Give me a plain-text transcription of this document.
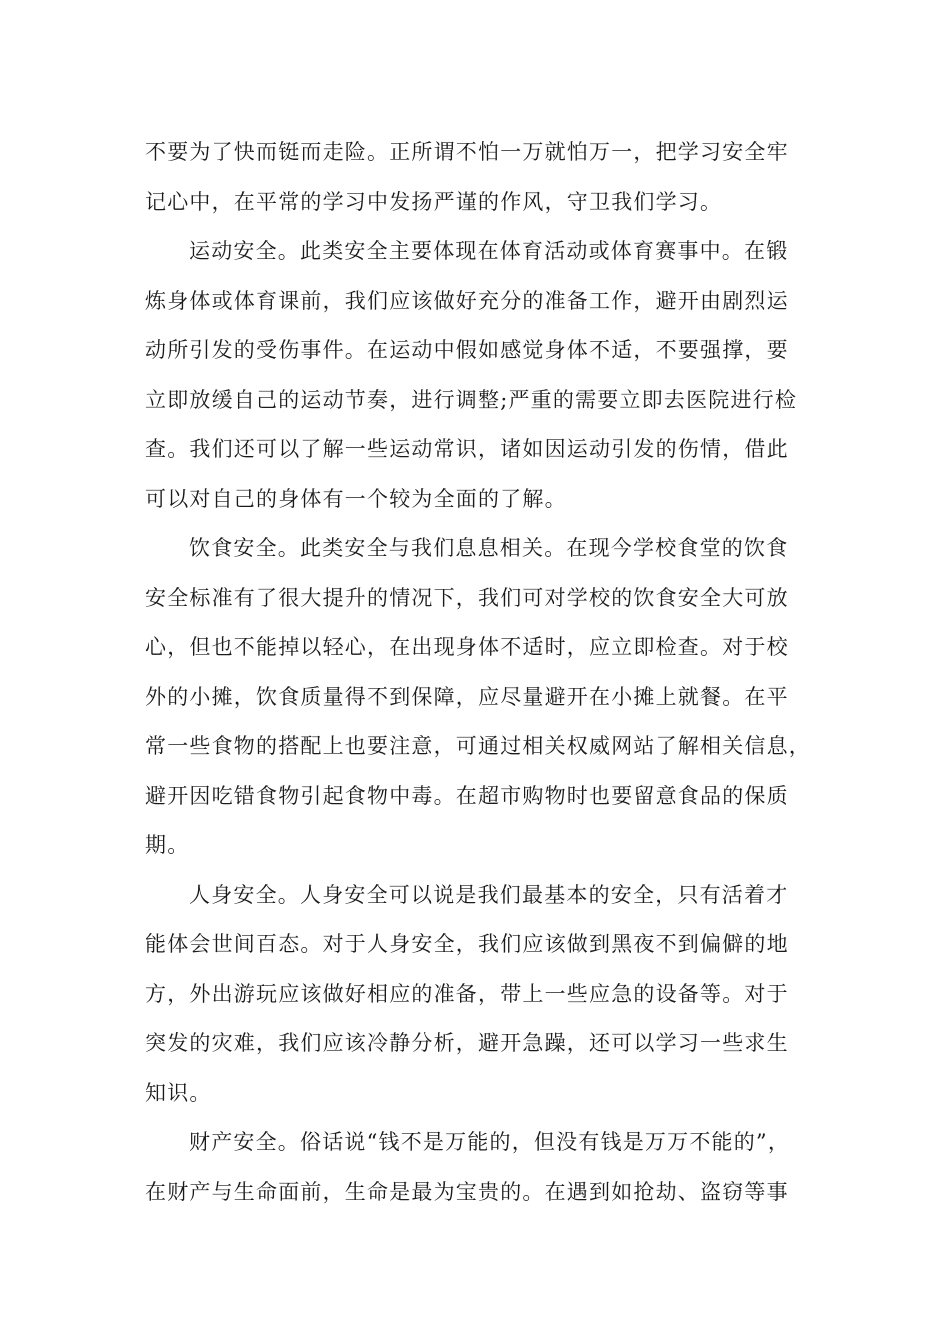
不要为了快而铤而走险。正所谓不怕一万就怕万一，把学习安全牢
记心中，在平常的学习中发扬严谨的作风，守卫我们学习。
运动安全。此类安全主要体现在体育活动或体育赛事中。在锻
炼身体或体育课前，我们应该做好充分的准备工作，避开由剧烈运
动所引发的受伤事件。在运动中假如感觉身体不适，不要强撑，要
立即放缓自己的运动节奏，进行调整;严重的需要立即去医院进行检
查。我们还可以了解一些运动常识，诸如因运动引发的伤情，借此
可以对自己的身体有一个较为全面的了解。
饮食安全。此类安全与我们息息相关。在现今学校食堂的饮食
安全标准有了很大提升的情况下，我们可对学校的饮食安全大可放
心，但也不能掉以轻心，在出现身体不适时，应立即检查。对于校
外的小摊，饮食质量得不到保障，应尽量避开在小摊上就餐。在平
常一些食物的搭配上也要注意，可通过相关权威网站了解相关信息，
避开因吃错食物引起食物中毒。在超市购物时也要留意食品的保质
期。
人身安全。人身安全可以说是我们最基本的安全，只有活着才
能体会世间百态。对于人身安全，我们应该做到黑夜不到偏僻的地
方，外出游玩应该做好相应的准备，带上一些应急的设备等。对于
突发的灾难，我们应该冷静分析，避开急躁，还可以学习一些求生
知识。
财产安全。俗话说“钱不是万能的，但没有钱是万万不能的”，
在财产与生命面前，生命是最为宝贵的。在遇到如抢劫、盗窃等事
